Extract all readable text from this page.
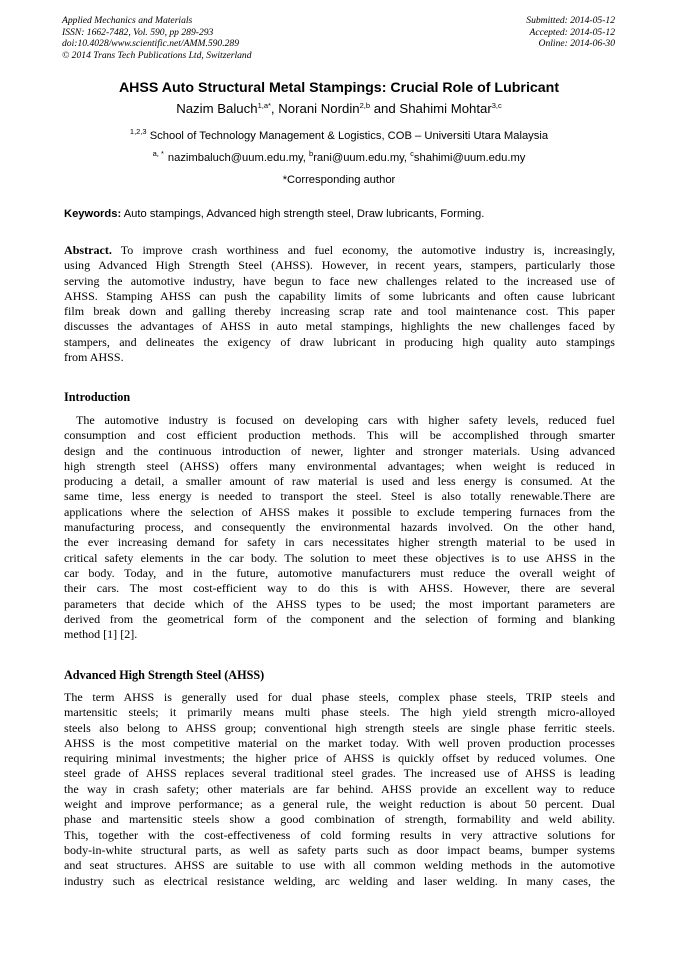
Applied Mechanics and Materials
ISSN: 1662-7482, Vol. 590, pp 289-293
doi:10.4028/www.scientific.net/AMM.590.289
© 2014 Trans Tech Publications Ltd, Switzerland
Submitted: 2014-05-12
Accepted: 2014-05-12
Online: 2014-06-30
AHSS Auto Structural Metal Stampings: Crucial Role of Lubricant
Nazim Baluch$^{1,a*}$, Norani Nordin$^{2,b}$ and Shahimi Mohtar$^{3,c}$
$^{1,2,3}$ School of Technology Management & Logistics, COB – Universiti Utara Malaysia
$^{a, *}$ nazimbaluch@uum.edu.my, $^b$rani@uum.edu.my, $^c$shahimi@uum.edu.my
*Corresponding author
Keywords: Auto stampings, Advanced high strength steel, Draw lubricants, Forming.
Abstract. To improve crash worthiness and fuel economy, the automotive industry is, increasingly,
using Advanced High Strength Steel (AHSS). However, in recent years, stampers, particularly those
serving the automotive industry, have begun to face new challenges related to the increased use of
AHSS. Stamping AHSS can push the capability limits of some lubricants and often cause lubricant
film break down and galling thereby increasing scrap rate and tool maintenance cost. This paper
discusses the advantages of AHSS in auto metal stampings, highlights the new challenges faced by
stampers, and delineates the exigency of draw lubricant in producing high quality auto stampings
from AHSS.
Introduction
The automotive industry is focused on developing cars with higher safety levels, reduced fuel
consumption and cost efficient production methods. This will be accomplished through smarter
design and the continuous introduction of newer, lighter and stronger materials. Using advanced
high strength steel (AHSS) offers many environmental advantages; when weight is reduced in
producing a detail, a smaller amount of raw material is used and less energy is consumed. At the
same time, less energy is needed to transport the steel. Steel is also totally renewable.There are
applications where the selection of AHSS makes it possible to exclude tempering furnaces from the
manufacturing process, and consequently the environmental hazards involved. On the other hand,
the ever increasing demand for safety in cars necessitates higher strength material to be used in
critical safety elements in the car body. The solution to meet these objectives is to use AHSS in the
car body. Today, and in the future, automotive manufacturers must reduce the overall weight of
their cars. The most cost-efficient way to do this is with AHSS. However, there are several
parameters that decide which of the AHSS types to be used; the most important parameters are
derived from the geometrical form of the component and the selection of forming and blanking
method [1] [2].
Advanced High Strength Steel (AHSS)
The term AHSS is generally used for dual phase steels, complex phase steels, TRIP steels and
martensitic steels; it primarily means multi phase steels. The high yield strength micro-alloyed
steels also belong to AHSS group; conventional high strength steels are single phase ferritic steels.
AHSS is the most competitive material on the market today. With well proven production processes
requiring minimal investments; the higher price of AHSS is quickly offset by reduced volumes. One
steel grade of AHSS replaces several traditional steel grades. The increased use of AHSS is leading
the way in crash safety; other materials are far behind. AHSS provide an excellent way to reduce
weight and improve performance; as a general rule, the weight reduction is about 50 percent. Dual
phase and martensitic steels show a good combination of strength, formability and weld ability.
This, together with the cost-effectiveness of cold forming results in very attractive solutions for
body-in-white structural parts, as well as safety parts such as door impact beams, bumper systems
and seat structures. AHSS are suitable to use with all common welding methods in the automotive
industry such as electrical resistance welding, arc welding and laser welding. In many cases, the
